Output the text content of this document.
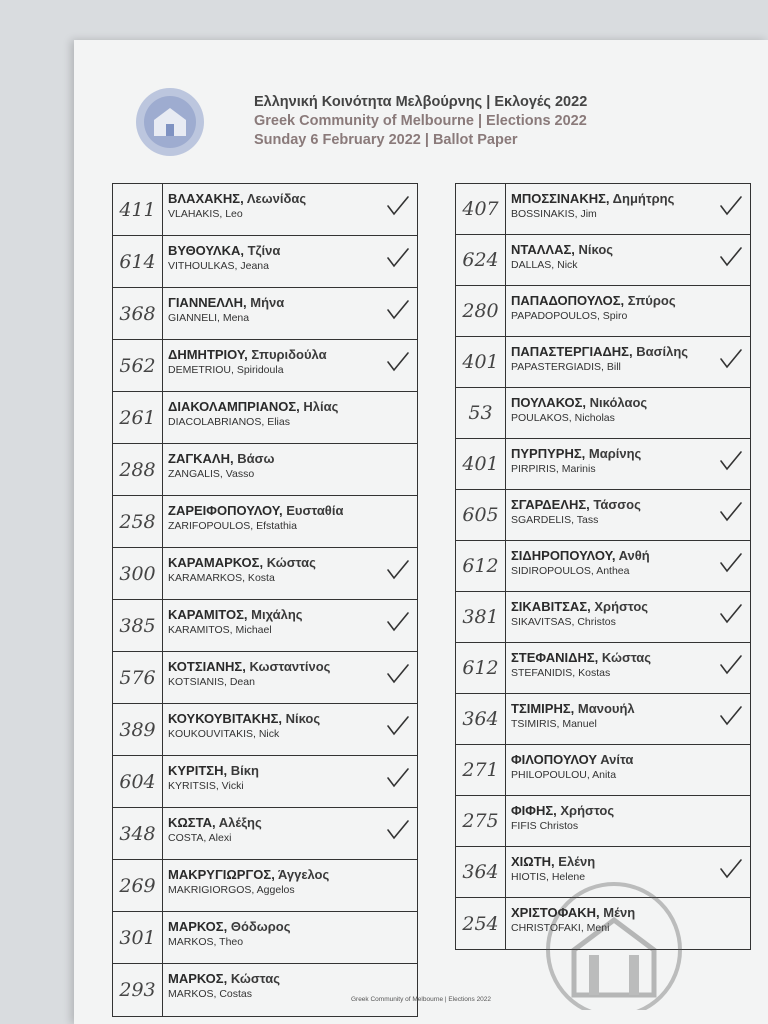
Ελληνική Κοινότητα Μελβούρνης | Εκλογές 2022
Greek Community of Melbourne | Elections 2022
Sunday 6 February 2022 | Ballot Paper
411 ΒΛΑΧΑΚΗΣ, Λεωνίδας
VLAHAKIS, Leo
614 ΒΥΘΟΥΛΚΑ, Τζίνα
VITHOULKAS, Jeana
368 ΓΙΑΝΝΕΛΛΗ, Μήνα
GIANNELI, Mena
562 ΔΗΜΗΤΡΙΟΥ, Σπυριδούλα
DEMETRIOU, Spiridoula
261 ΔΙΑΚΟΛΑΜΠΡΙΑΝΟΣ, Ηλίας
DIACOLABRIANOS, Elias
288 ΖΑΓΚΑΛΗ, Βάσω
ZANGALIS, Vasso
258 ΖΑΡΕΙΦΟΠΟΥΛΟΥ, Ευσταθία
ZARIFOPOULOS, Efstathia
300 ΚΑΡΑΜΑΡΚΟΣ, Κώστας
KARAMARKOS, Kosta
385 ΚΑΡΑΜΙΤΟΣ, Μιχάλης
KARAMITOS, Michael
576 ΚΟΤΣΙΑΝΗΣ, Κωσταντίνος
KOTSIANIS, Dean
389 ΚΟΥΚΟΥΒΙΤΑΚΗΣ, Νίκος
KOUKOUVITAKIS, Nick
604 ΚΥΡΙΤΣΗ, Βίκη
KYRITSIS, Vicki
348 ΚΩΣΤΑ, Αλέξης
COSTA, Alexi
269 ΜΑΚΡΥΓΙΩΡΓΟΣ, Άγγελος
MAKRIGIORGOS, Aggelos
301 ΜΑΡΚΟΣ, Θόδωρος
MARKOS, Theo
293
ΜΑΡΚΟΣ, Κώστας
MARKOS, Costas
407 ΜΠΟΣΣΙΝΑΚΗΣ, Δημήτρης
BOSSINAKIS, Jim
624 ΝΤΑΛΛΑΣ, Νίκος
DALLAS, Nick
280 ΠΑΠΑΔΟΠΟΥΛΟΣ, Σπύρος
PAPADOPOULOS, Spiro
401 ΠΑΠΑΣΤΕΡΓΙΑΔΗΣ, Βασίλης
PAPASTERGIADIS, Bill
53	ΠΟΥΛΑΚΟΣ, Νικόλαος
POULAKOS, Nicholas
401 ΠΥΡΠΥΡΗΣ, Μαρίνης
PIRPIRIS, Marinis
605 ΣΓΑΡΔΕΛΗΣ, Τάσσος
SGARDELIS, Tass
612 ΣΙΔΗΡΟΠΟΥΛΟΥ, Ανθή
SIDIROPOULOS, Anthea
381 ΣΙΚΑΒΙΤΣΑΣ, Χρήστος
SIKAVITSAS, Christos
612 ΣΤΕΦΑΝΙΔΗΣ, Κώστας
STEFANIDIS, Kostas
364 ΤΣΙΜΙΡΗΣ, Μανουήλ
TSIMIRIS, Manuel
271 ΦΙΛΟΠΟΥΛΟΥ Ανίτα
PHILOPOULOU, Anita
275 ΦΙΦΗΣ, Χρήστος
FIFIS Christos
364 ΧΙΩΤΗ, Ελένη
HIOTIS, Helene
254 ΧΡΙΣΤΟΦΑΚΗ, Μένη
CHRISTOFAKI, Meni
Greek Community of Melbourne | Elections 2022
